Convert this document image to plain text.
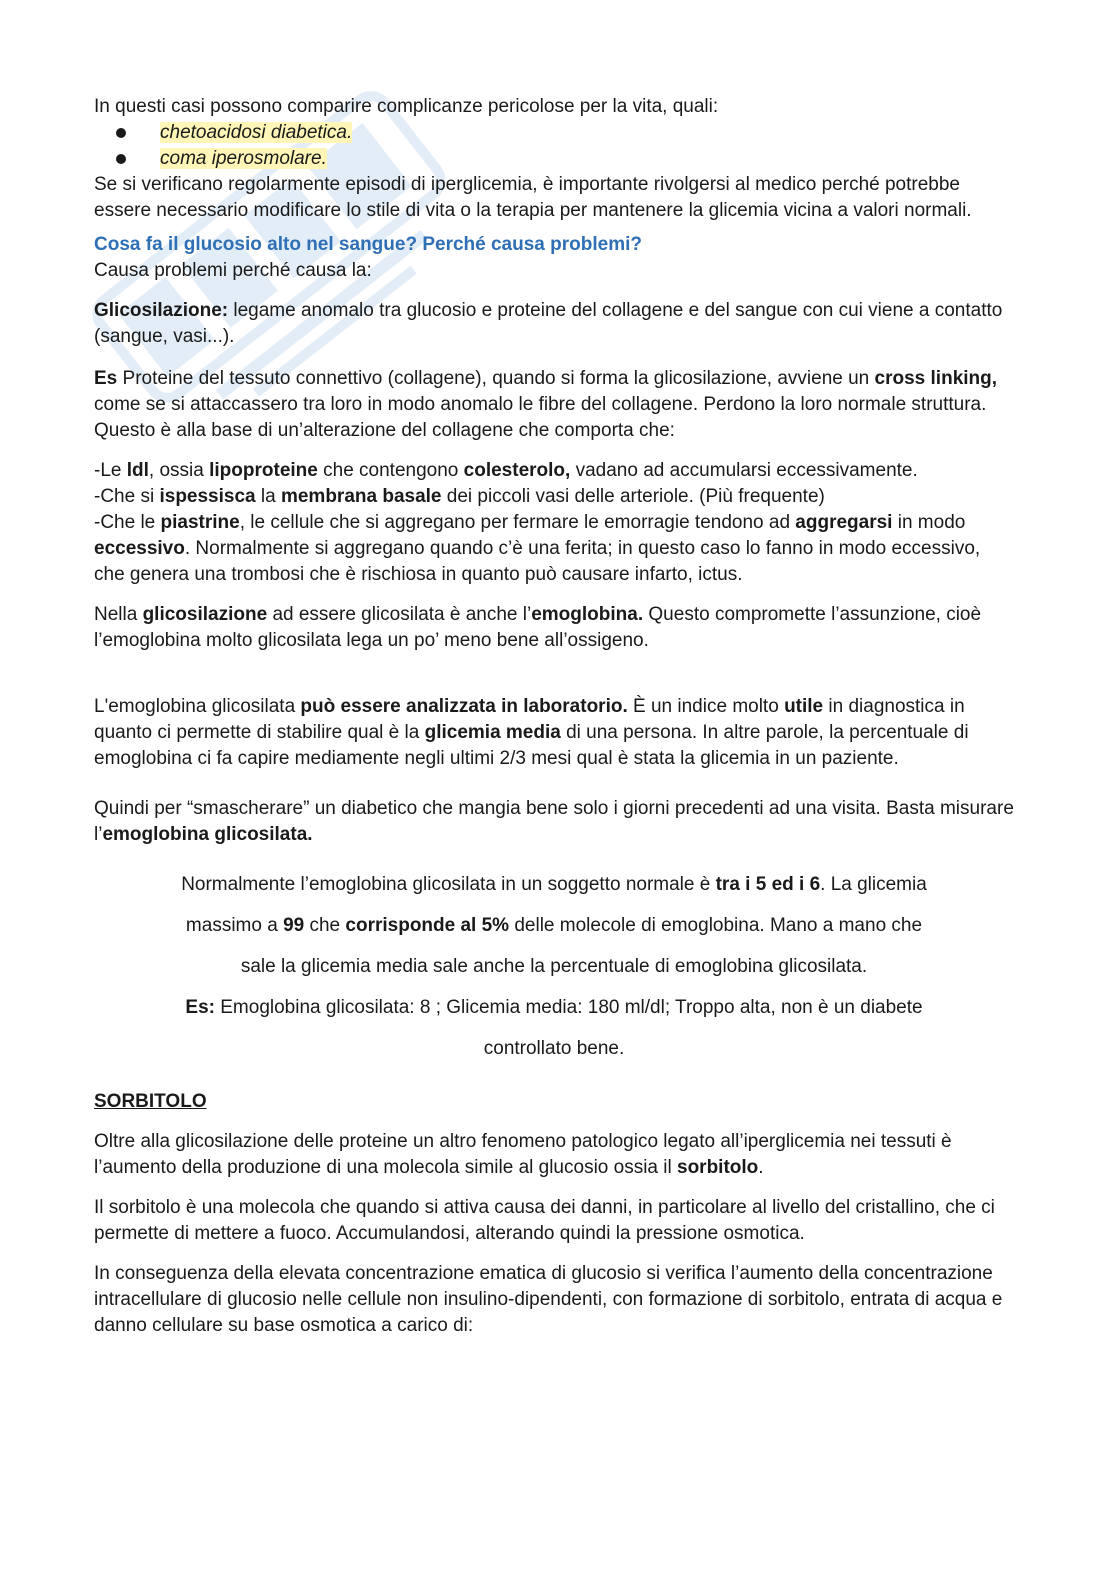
In questi casi possono comparire complicanze pericolose per la vita, quali:

chetoacidosi diabetica.
coma iperosmolare.

Se si verificano regolarmente episodi di iperglicemia, è importante rivolgersi al medico perché potrebbe essere necessario modificare lo stile di vita o la terapia per mantenere la glicemia vicina a valori normali.

Cosa fa il glucosio alto nel sangue? Perché causa problemi?

Causa problemi perché causa la:

Glicosilazione: legame anomalo tra glucosio e proteine del collagene e del sangue con cui viene a contatto (sangue, vasi...).

Es Proteine del tessuto connettivo (collagene), quando si forma la glicosilazione, avviene un cross linking, come se si attaccassero tra loro in modo anomalo le fibre del collagene. Perdono la loro normale struttura. Questo è alla base di un’alterazione del collagene che comporta che:

-Le ldl, ossia lipoproteine che contengono colesterolo, vadano ad accumularsi eccessivamente.

-Che si ispessisca la membrana basale dei piccoli vasi delle arteriole. (Più frequente)

-Che le piastrine, le cellule che si aggregano per fermare le emorragie tendono ad aggregarsi in modo eccessivo. Normalmente si aggregano quando c’è una ferita; in questo caso lo fanno in modo eccessivo, che genera una trombosi che è rischiosa in quanto può causare infarto, ictus.

Nella glicosilazione ad essere glicosilata è anche l’emoglobina. Questo compromette l’assunzione, cioè l’emoglobina molto glicosilata lega un po’ meno bene all’ossigeno.

L'emoglobina glicosilata può essere analizzata in laboratorio. È un indice molto utile in diagnostica in quanto ci permette di stabilire qual è la glicemia media di una persona. In altre parole, la percentuale di emoglobina ci fa capire mediamente negli ultimi 2/3 mesi qual è stata la glicemia in un paziente.

Quindi per “smascherare” un diabetico che mangia bene solo i giorni precedenti ad una visita. Basta misurare l’emoglobina glicosilata.

Normalmente l’emoglobina glicosilata in un soggetto normale è tra i 5 ed i 6. La glicemia

massimo a 99 che corrisponde al 5% delle molecole di emoglobina. Mano a mano che

sale la glicemia media sale anche la percentuale di emoglobina glicosilata.

Es: Emoglobina glicosilata: 8 ; Glicemia media: 180 ml/dl; Troppo alta, non è un diabete

controllato bene.

SORBITOLO

Oltre alla glicosilazione delle proteine un altro fenomeno patologico legato all’iperglicemia nei tessuti è l’aumento della produzione di una molecola simile al glucosio ossia il sorbitolo.

Il sorbitolo è una molecola che quando si attiva causa dei danni, in particolare al livello del cristallino, che ci permette di mettere a fuoco. Accumulandosi, alterando quindi la pressione osmotica.

In conseguenza della elevata concentrazione ematica di glucosio si verifica l’aumento della concentrazione intracellulare di glucosio nelle cellule non insulino-dipendenti, con formazione di sorbitolo, entrata di acqua e danno cellulare su base osmotica a carico di:
